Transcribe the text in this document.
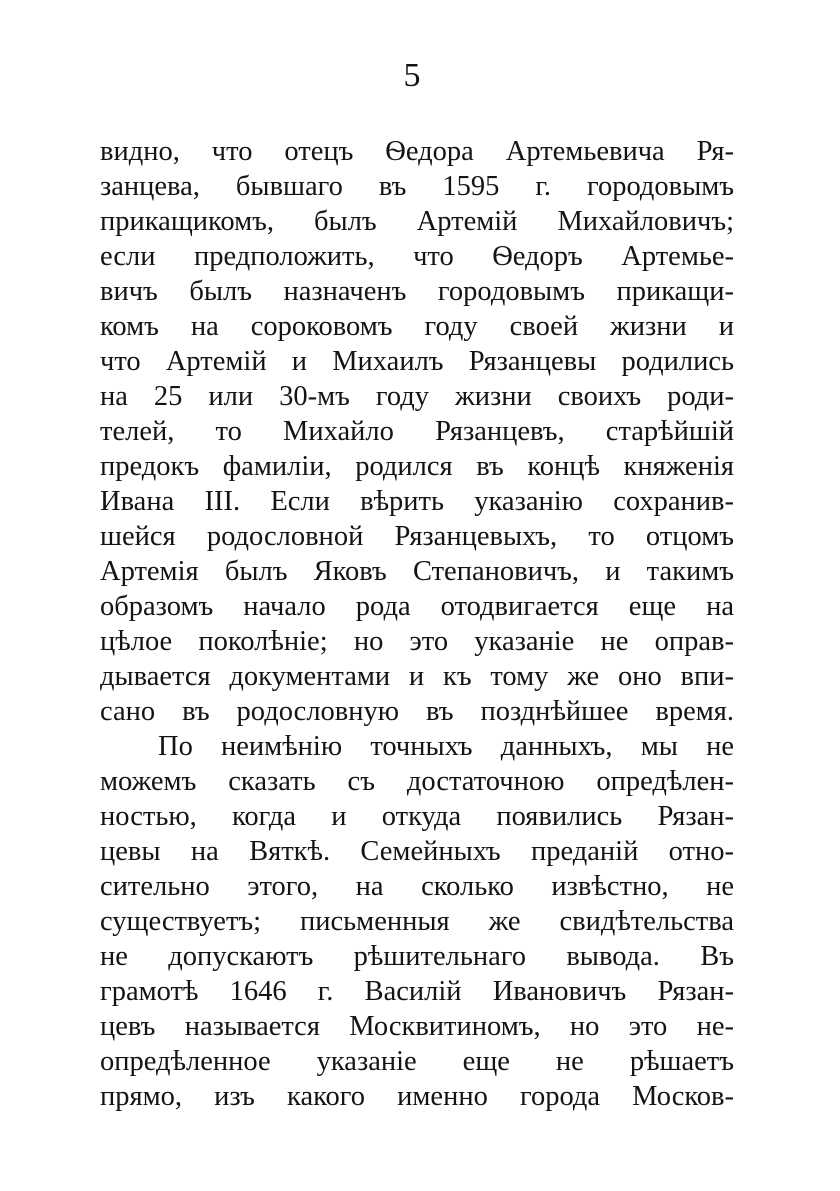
5
видно, что отецъ Ѳедора Артемьевича Ря-
занцева, бывшаго въ 1595 г. городовымъ
прикащикомъ, былъ Артемій Михайловичъ;
если предположить, что Ѳедоръ Артемье-
вичъ былъ назначенъ городовымъ прикащи-
комъ на сороковомъ году своей жизни и
что Артемій и Михаилъ Рязанцевы родились
на 25 или 30-мъ году жизни своихъ роди-
телей, то Михайло Рязанцевъ, старѣйшій
предокъ фамиліи, родился въ концѣ княженія
Ивана III. Если вѣрить указанію сохранив-
шейся родословной Рязанцевыхъ, то отцомъ
Артемія былъ Яковъ Степановичъ, и такимъ
образомъ начало рода отодвигается еще на
цѣлое поколѣніе; но это указаніе не оправ-
дывается документами и къ тому же оно впи-
сано въ родословную въ позднѣйшее время.
По неимѣнію точныхъ данныхъ, мы не
можемъ сказать съ достаточною опредѣлен-
ностью, когда и откуда появились Рязан-
цевы на Вяткѣ. Семейныхъ преданій отно-
сительно этого, на сколько извѣстно, не
существуетъ; письменныя же свидѣтельства
не допускаютъ рѣшительнаго вывода. Въ
грамотѣ 1646 г. Василій Ивановичъ Рязан-
цевъ называется Москвитиномъ, но это не-
опредѣленное указаніе еще не рѣшаетъ
прямо, изъ какого именно города Москов-
